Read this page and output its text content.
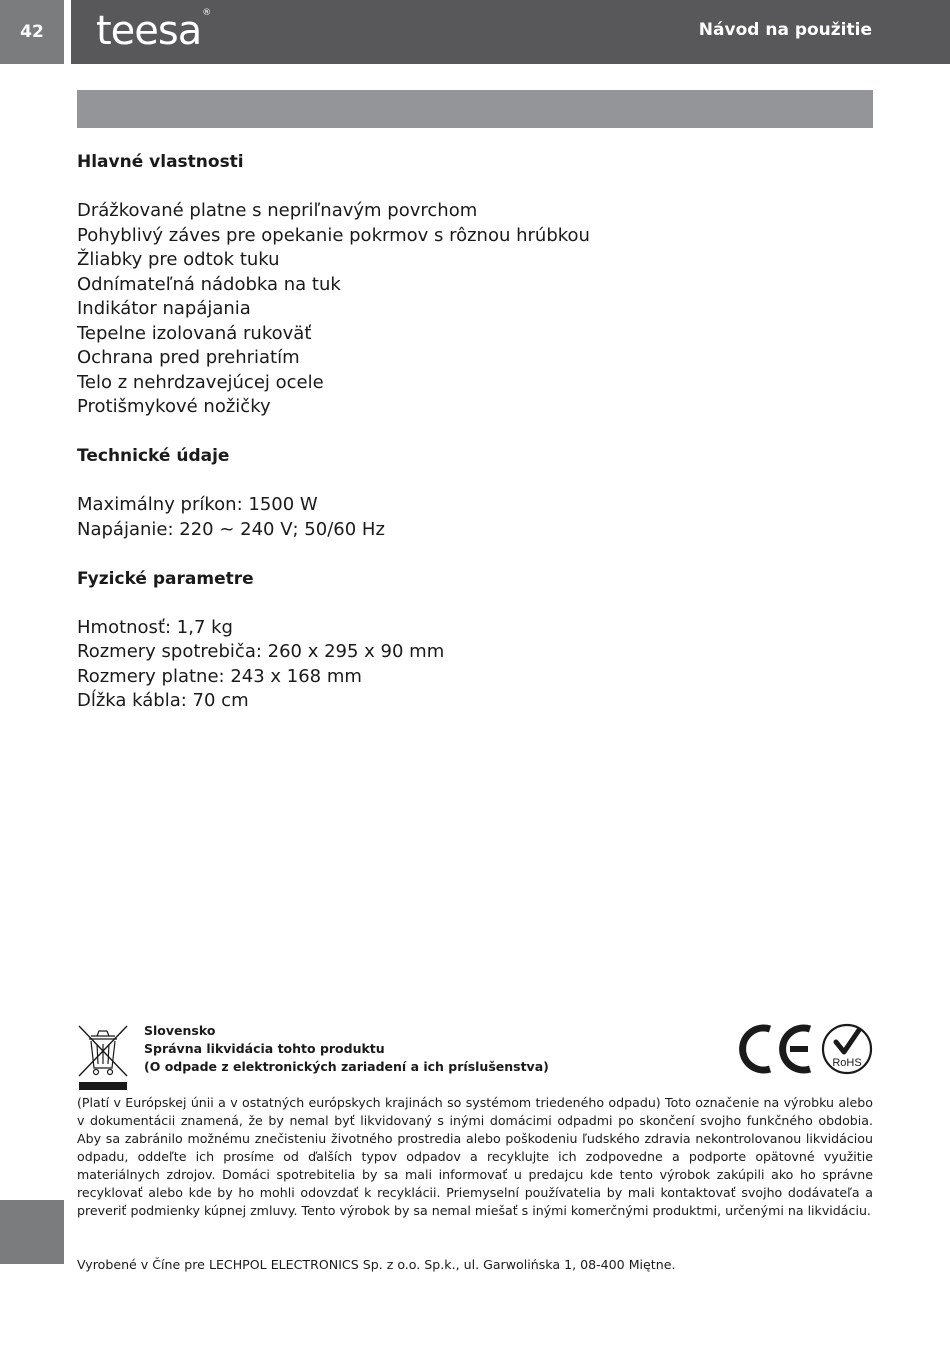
42	teesa®
Návod na použitie
Hlavné vlastnosti
Drážkované platne s nepriľnavým povrchom
Pohyblivý záves pre opekanie pokrmov s rôznou hrúbkou
Žliabky pre odtok tuku
Odnímateľná nádobka na tuk
Indikátor napájania
Tepelne izolovaná rukoväť
Ochrana pred prehriatím
Telo z nehrdzavejúcej ocele
Protišmykové nožičky
Technické údaje
Maximálny príkon: 1500 W
Napájanie: 220 ~ 240 V; 50/60 Hz
Fyzické parametre
Hmotnosť: 1,7 kg
Rozmery spotrebiča: 260 x 295 x 90 mm
Rozmery platne: 243 x 168 mm
Dĺžka kábla: 70 cm
Slovensko
Správna likvidácia tohto produktu
(O odpade z elektronických zariadení a ich príslušenstva)	RoHS
(Platí v Európskej únii a v ostatných európskych krajinách so systémom triedeného odpadu) Toto označenie na výrobku alebo v dokumentácii znamená, že by nemal byť likvidovaný s inými domácimi odpadmi po skončení svojho funkčného obdobia. Aby sa zabránilo možnému znečisteniu životného prostredia alebo poškodeniu ľudského zdravia nekontrolovanou likvidáciou odpadu, oddeľte ich prosíme od ďalších typov odpadov a recyklujte ich zodpovedne a podporte opätovné využitie materiálnych zdrojov. Domáci spotrebitelia by sa mali informovať u predajcu kde tento výrobok zakúpili ako ho správne recyklovať alebo kde by ho mohli odovzdať k recyklácii. Priemyselní používatelia by mali kontaktovať svojho dodávateľa a preveriť podmienky kúpnej zmluvy. Tento výrobok by sa nemal miešať s inými komerčnými produktmi, určenými na likvidáciu.
Vyrobené v Číne pre LECHPOL ELECTRONICS Sp. z o.o. Sp.k., ul. Garwolińska 1, 08-400 Miętne.
